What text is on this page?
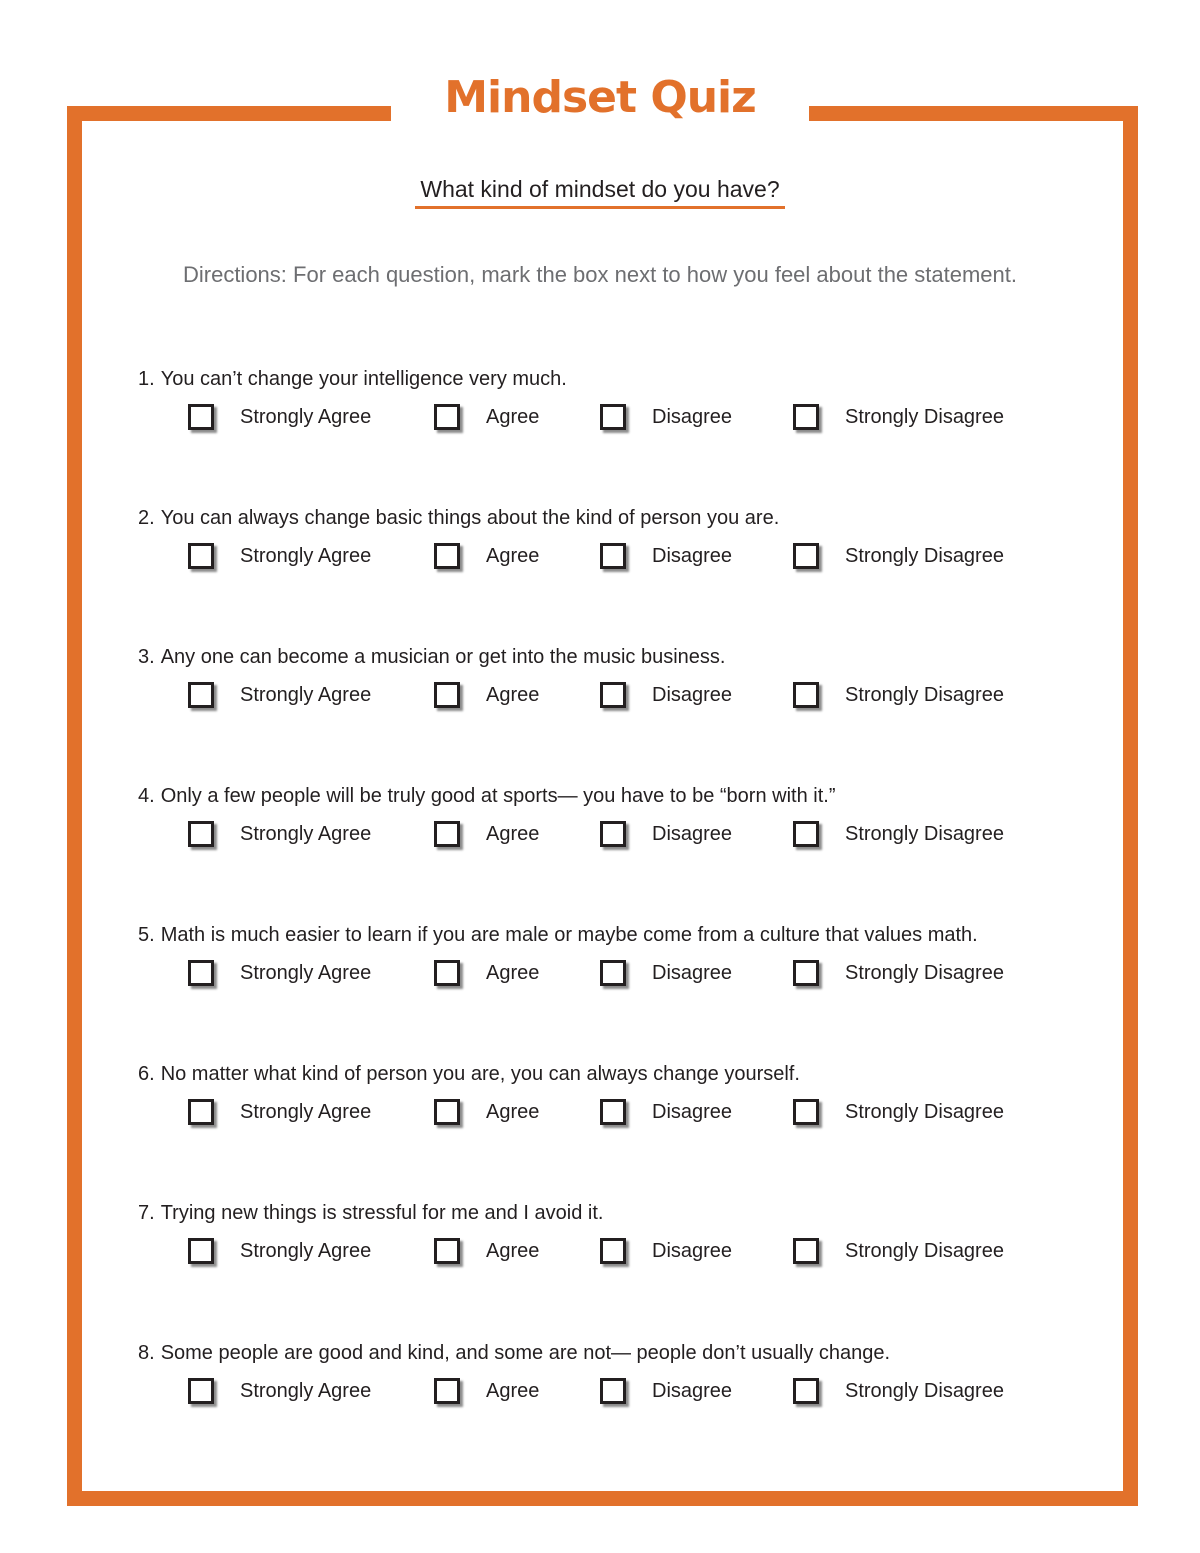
Mindset Quiz
What kind of mindset do you have?
Directions: For each question, mark the box next to how you feel about the statement.
1. You can’t change your intelligence very much.
Strongly Agree	Agree	Disagree	Strongly Disagree
2. You can always change basic things about the kind of person you are.
Strongly Agree	Agree	Disagree	Strongly Disagree
3. Any one can become a musician or get into the music business.
Strongly Agree	Agree	Disagree	Strongly Disagree
4. Only a few people will be truly good at sports— you have to be “born with it.”
Strongly Agree	Agree	Disagree	Strongly Disagree
5. Math is much easier to learn if you are male or maybe come from a culture that values math.
Strongly Agree	Agree	Disagree	Strongly Disagree
6. No matter what kind of person you are, you can always change yourself.
Strongly Agree	Agree	Disagree	Strongly Disagree
7. Trying new things is stressful for me and I avoid it.
Strongly Agree	Agree	Disagree	Strongly Disagree
8. Some people are good and kind, and some are not— people don’t usually change.
Strongly Agree	Agree	Disagree	Strongly Disagree
